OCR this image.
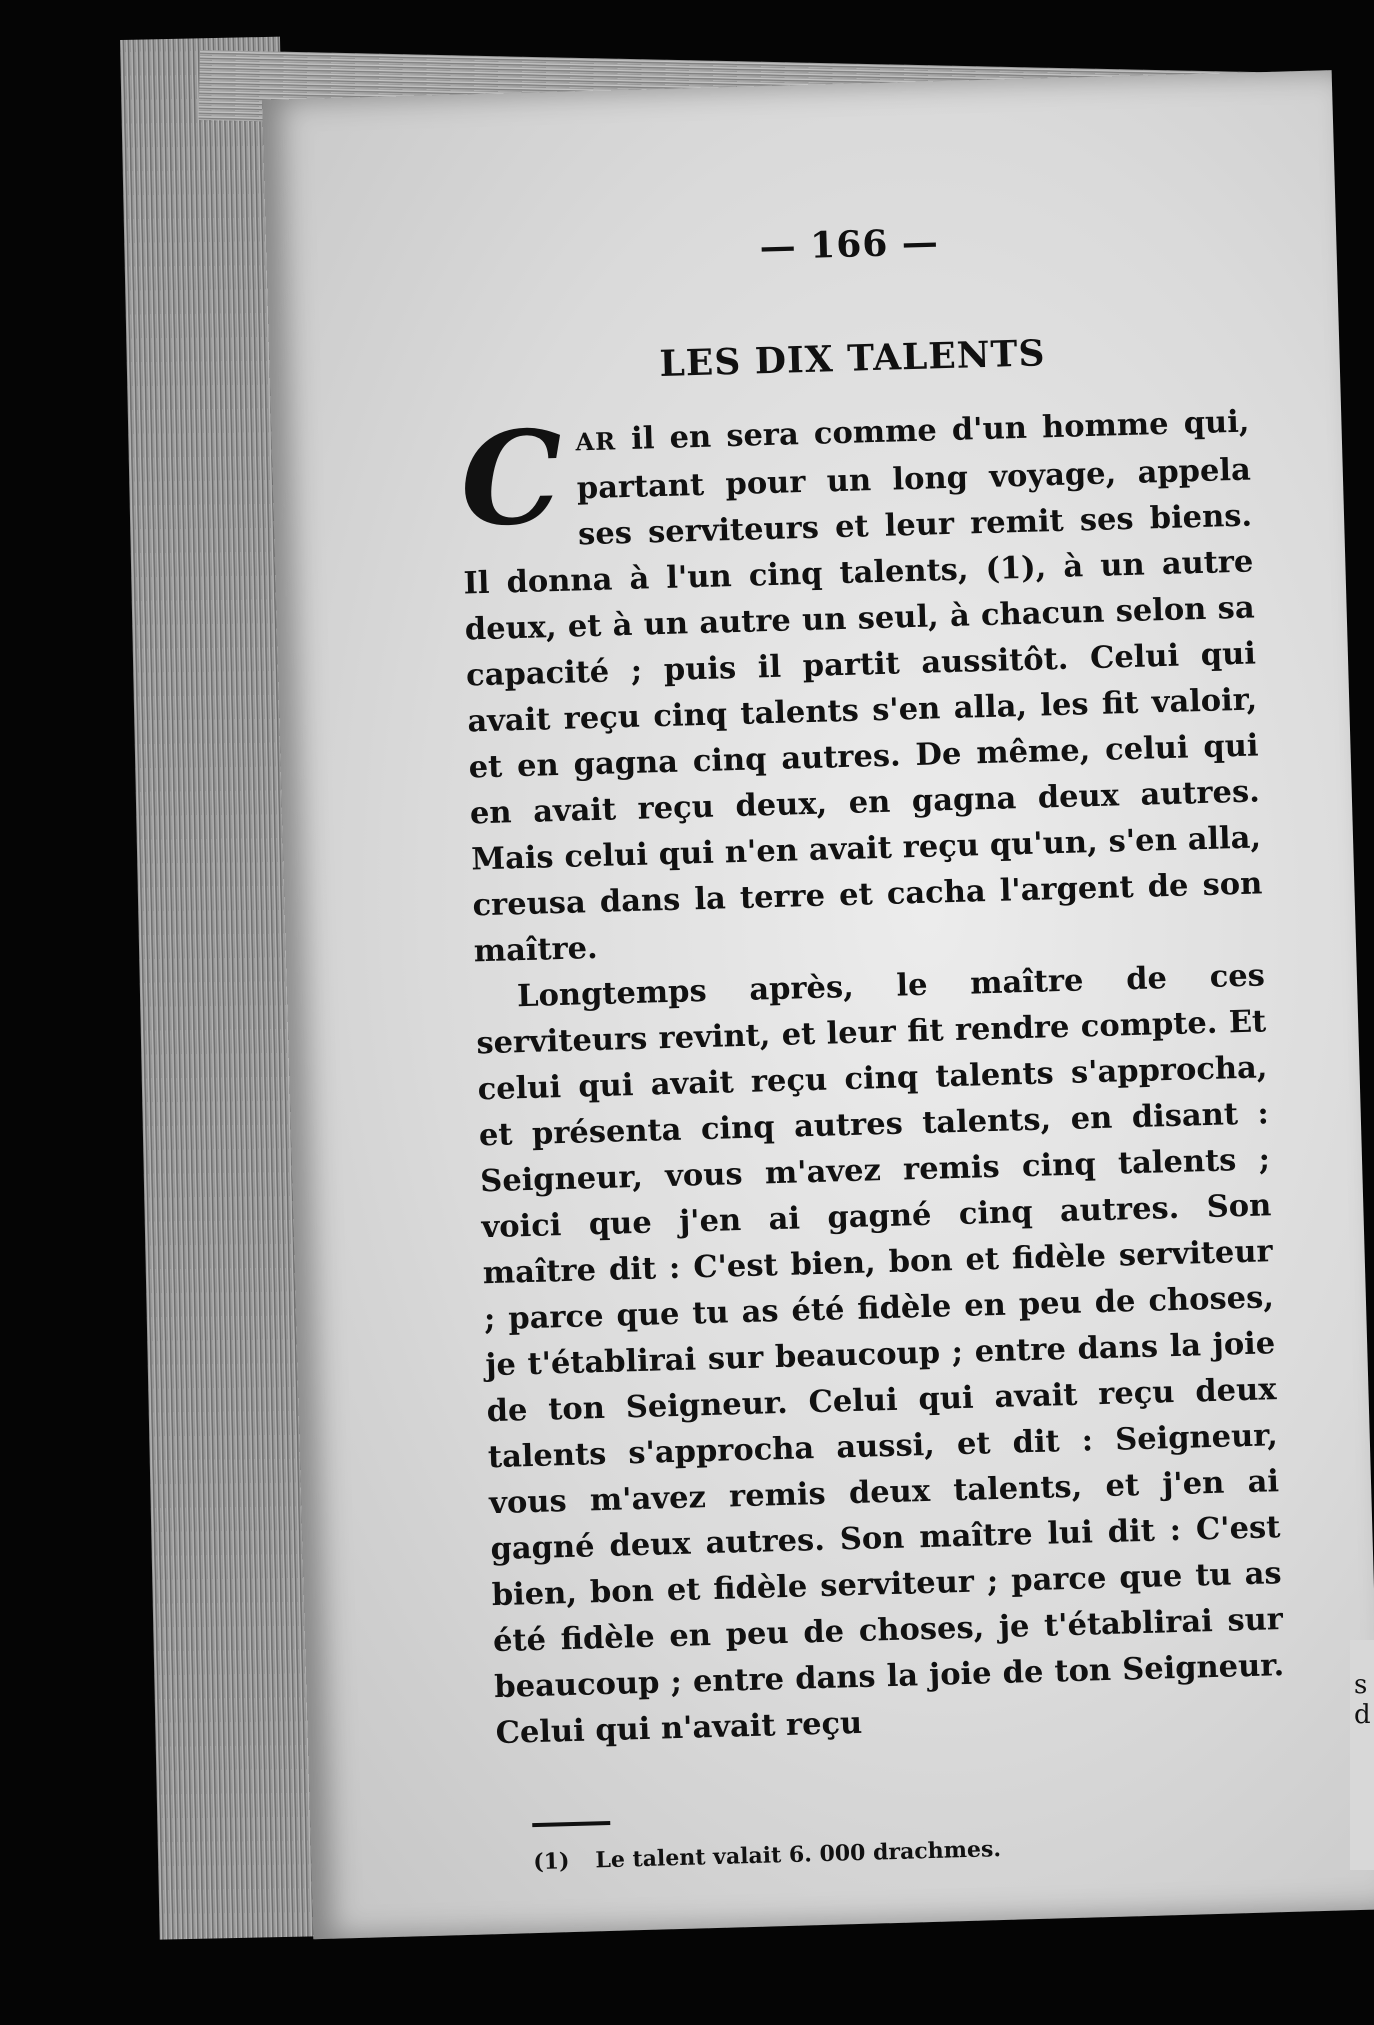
— 166 —
LES DIX TALENTS

CAR il en sera comme d'un homme qui, partant pour un long voyage, appela ses serviteurs et leur remit ses biens. Il donna à l'un cinq talents, (1), à un autre deux, et à un autre un seul, à chacun selon sa capacité ; puis il partit aussitôt. Celui qui avait reçu cinq talents s'en alla, les fit valoir, et en gagna cinq autres. De même, celui qui en avait reçu deux, en gagna deux autres. Mais celui qui n'en avait reçu qu'un, s'en alla, creusa dans la terre et cacha l'argent de son maître.

Longtemps après, le maître de ces serviteurs revint, et leur fit rendre compte. Et celui qui avait reçu cinq talents s'approcha, et présenta cinq autres talents, en disant : Seigneur, vous m'avez remis cinq talents ; voici que j'en ai gagné cinq autres. Son maître dit : C'est bien, bon et fidèle serviteur ; parce que tu as été fidèle en peu de choses, je t'établirai sur beaucoup ; entre dans la joie de ton Seigneur. Celui qui avait reçu deux talents s'approcha aussi, et dit : Seigneur, vous m'avez remis deux talents, et j'en ai gagné deux autres. Son maître lui dit : C'est bien, bon et fidèle serviteur ; parce que tu as été fidèle en peu de choses, je t'établirai sur beaucoup ; entre dans la joie de ton Seigneur. Celui qui n'avait reçu

(1) Le talent valait 6. 000 drachmes.
s
d
